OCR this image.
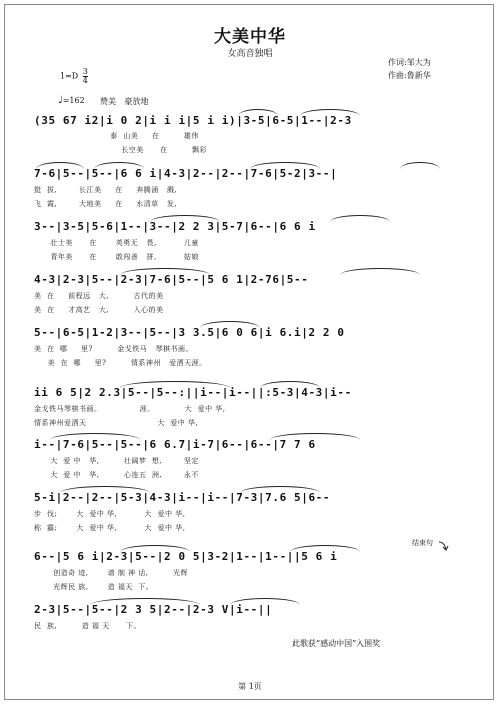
大美中华
女高音独唱
作词:邹大为
作曲:鲁新华
$1=D \frac{3}{4}$
♩=162 赞美 豪放地
(35 67 i2|i 0 2|i i i|5 i i)|3-5|6-5|1--|2-3
泰  山美     在         雄伟
长空美      在         飘彩
7-6|5--|5--|6 6 i|4-3|2--|2--|7-6|5-2|3--|
挺  拔,        长江美     在     奔腾涌   溅,
飞  霞,        大地美     在     水清草   发,
3--|3-5|5-6|1--|3--|2 2 3|5-7|6--|6 6 i
壮士美      在       英勇无   畏,          儿童
青年美      在       敢闯善   拼,          姑娘
4-3|2-3|5--|2-3|7-6|5--|5 6 1|2-76|5--
美  在     前程远   大,         古代的美
美  在     才高艺   大,         入心的美
5--|6-5|1-2|3--|5--|3 3.5|6 0 6|i 6.i|2 2 0
美  在  哪     里?         金戈铁马   琴棋书画。
美  在  哪     里?         情系神州   爱洒天涯。
ii 6 5|2 2.3|5--|5--:||i--|i--||:5-3|4-3|i--
金戈铁马琴棋书画。              涯。           大  爱中 华,
情系神州爱洒天                          大  爱中 华,
i--|7-6|5--|5--|6 6.7|i-7|6--|6--|7 7 6
大  爱 中   华,         壮阔梦  想,        坚定
大  爱 中   华,         心连五  洲,        永不
5-i|2--|2--|5-3|4-3|i--|i--|7-3|7.6 5|6--
步  伐;       大  爱中 华,          大  爱中 华,
称  霸;       大  爱中 华,          大  爱中 华,
结束句
6--|5 6 i|2-3|5--|2 0 5|3-2|1--|1--||5 6 i
创造奇 迹,       谱 制 神 话,         光辉
光辉民 族,       造 福天  下。
2-3|5--|5--|2 3 5|2--|2-3 V|i--||
民  族,         造 福 天      下。
此歌获“感动中国”入围奖
第 1页
